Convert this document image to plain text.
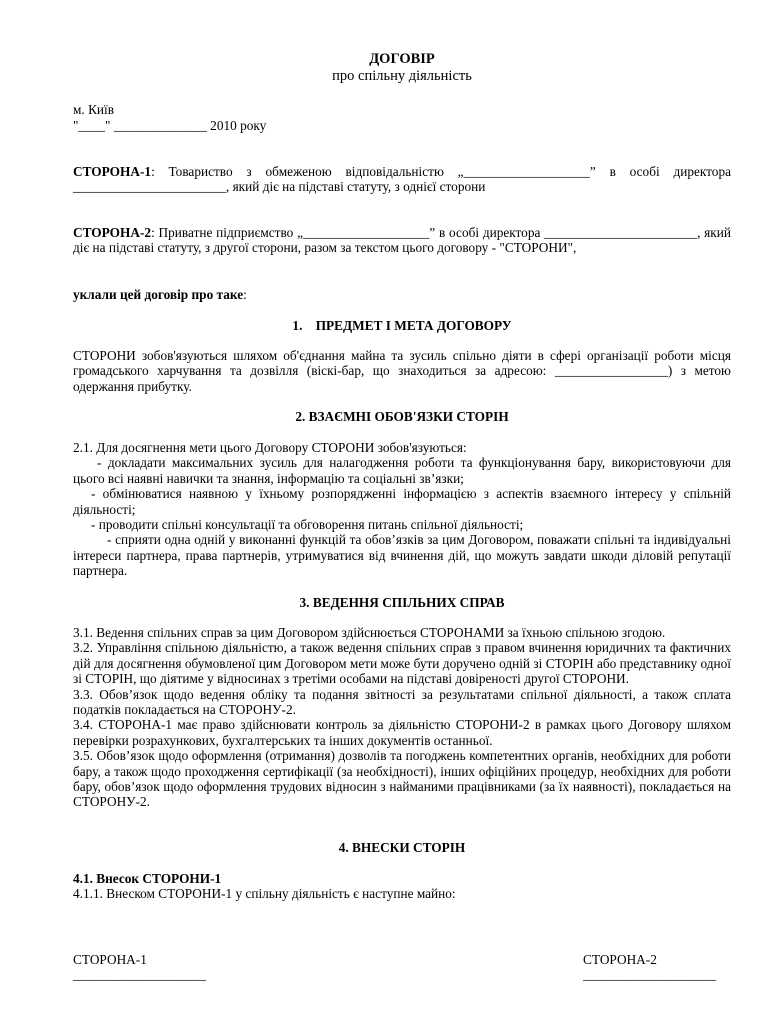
ДОГОВІР
про спільну діяльність
м. Київ
"____" ______________ 2010 року
СТОРОНА-1: Товариство з обмеженою відповідальністю „___________________” в особі директора _______________________, який діє на підставі статуту, з однієї сторони
СТОРОНА-2: Приватне підприємство „___________________” в особі директора _______________________, який діє на підставі статуту, з другої сторони, разом за текстом цього договору - "СТОРОНИ",
уклали цей договір про таке:
1.    ПРЕДМЕТ І МЕТА ДОГОВОРУ
СТОРОНИ зобов'язуються шляхом об'єднання майна та зусиль спільно діяти в сфері організації роботи місця громадського харчування та дозвілля (віскі-бар, що знаходиться за адресою: _________________) з метою одержання прибутку.
2. ВЗАЄМНІ ОБОВ'ЯЗКИ СТОРІН

2.1. Для досягнення мети цього Договору СТОРОНИ зобов'язуються:

- докладати максимальних зусиль для налагодження роботи та функціонування бару, використовуючи для цього всі наявні навички та знання, інформацію та соціальні зв’язки;

- обмінюватися наявною у їхньому розпорядженні інформацією з аспектів взаємного інтересу у спільній діяльності;

- проводити спільні консультації та обговорення питань спільної діяльності;

- сприяти одна одній у виконанні функцій та обов’язків за цим Договором, поважати спільні та індивідуальні інтереси партнера, права партнерів, утримуватися від вчинення дій, що можуть завдати шкоди діловій репутації партнера.

3. ВЕДЕННЯ СПІЛЬНИХ СПРАВ

3.1. Ведення спільних справ за цим Договором здійснюється СТОРОНАМИ за їхньою спільною згодою.

3.2. Управління спільною діяльністю, а також ведення спільних справ з правом вчинення юридичних та фактичних дій для досягнення обумовленої цим Договором мети може бути доручено одній зі СТОРІН або представнику одної зі СТОРІН, що діятиме у відносинах з третіми особами на підставі довіреності другої СТОРОНИ.

3.3. Обов’язок щодо ведення обліку та подання звітності за результатами спільної діяльності, а також сплата податків покладається на СТОРОНУ-2.

3.4. СТОРОНА-1 має право здійснювати контроль за діяльністю СТОРОНИ-2 в рамках цього Договору шляхом перевірки розрахункових, бухгалтерських та інших документів останньої.

3.5. Обов’язок щодо оформлення (отримання) дозволів та погоджень компетентних органів, необхідних для роботи бару, а також щодо проходження сертифікації (за необхідності), інших офіційних процедур, необхідних для роботи бару, обов’язок щодо оформлення трудових відносин з найманими працівниками (за їх наявності), покладається на СТОРОНУ-2.

4. ВНЕСКИ СТОРІН
4.1. Внесок СТОРОНИ-1
4.1.1. Внеском СТОРОНИ-1 у спільну діяльність є наступне майно:
СТОРОНА-1
____________________
СТОРОНА-2
____________________
